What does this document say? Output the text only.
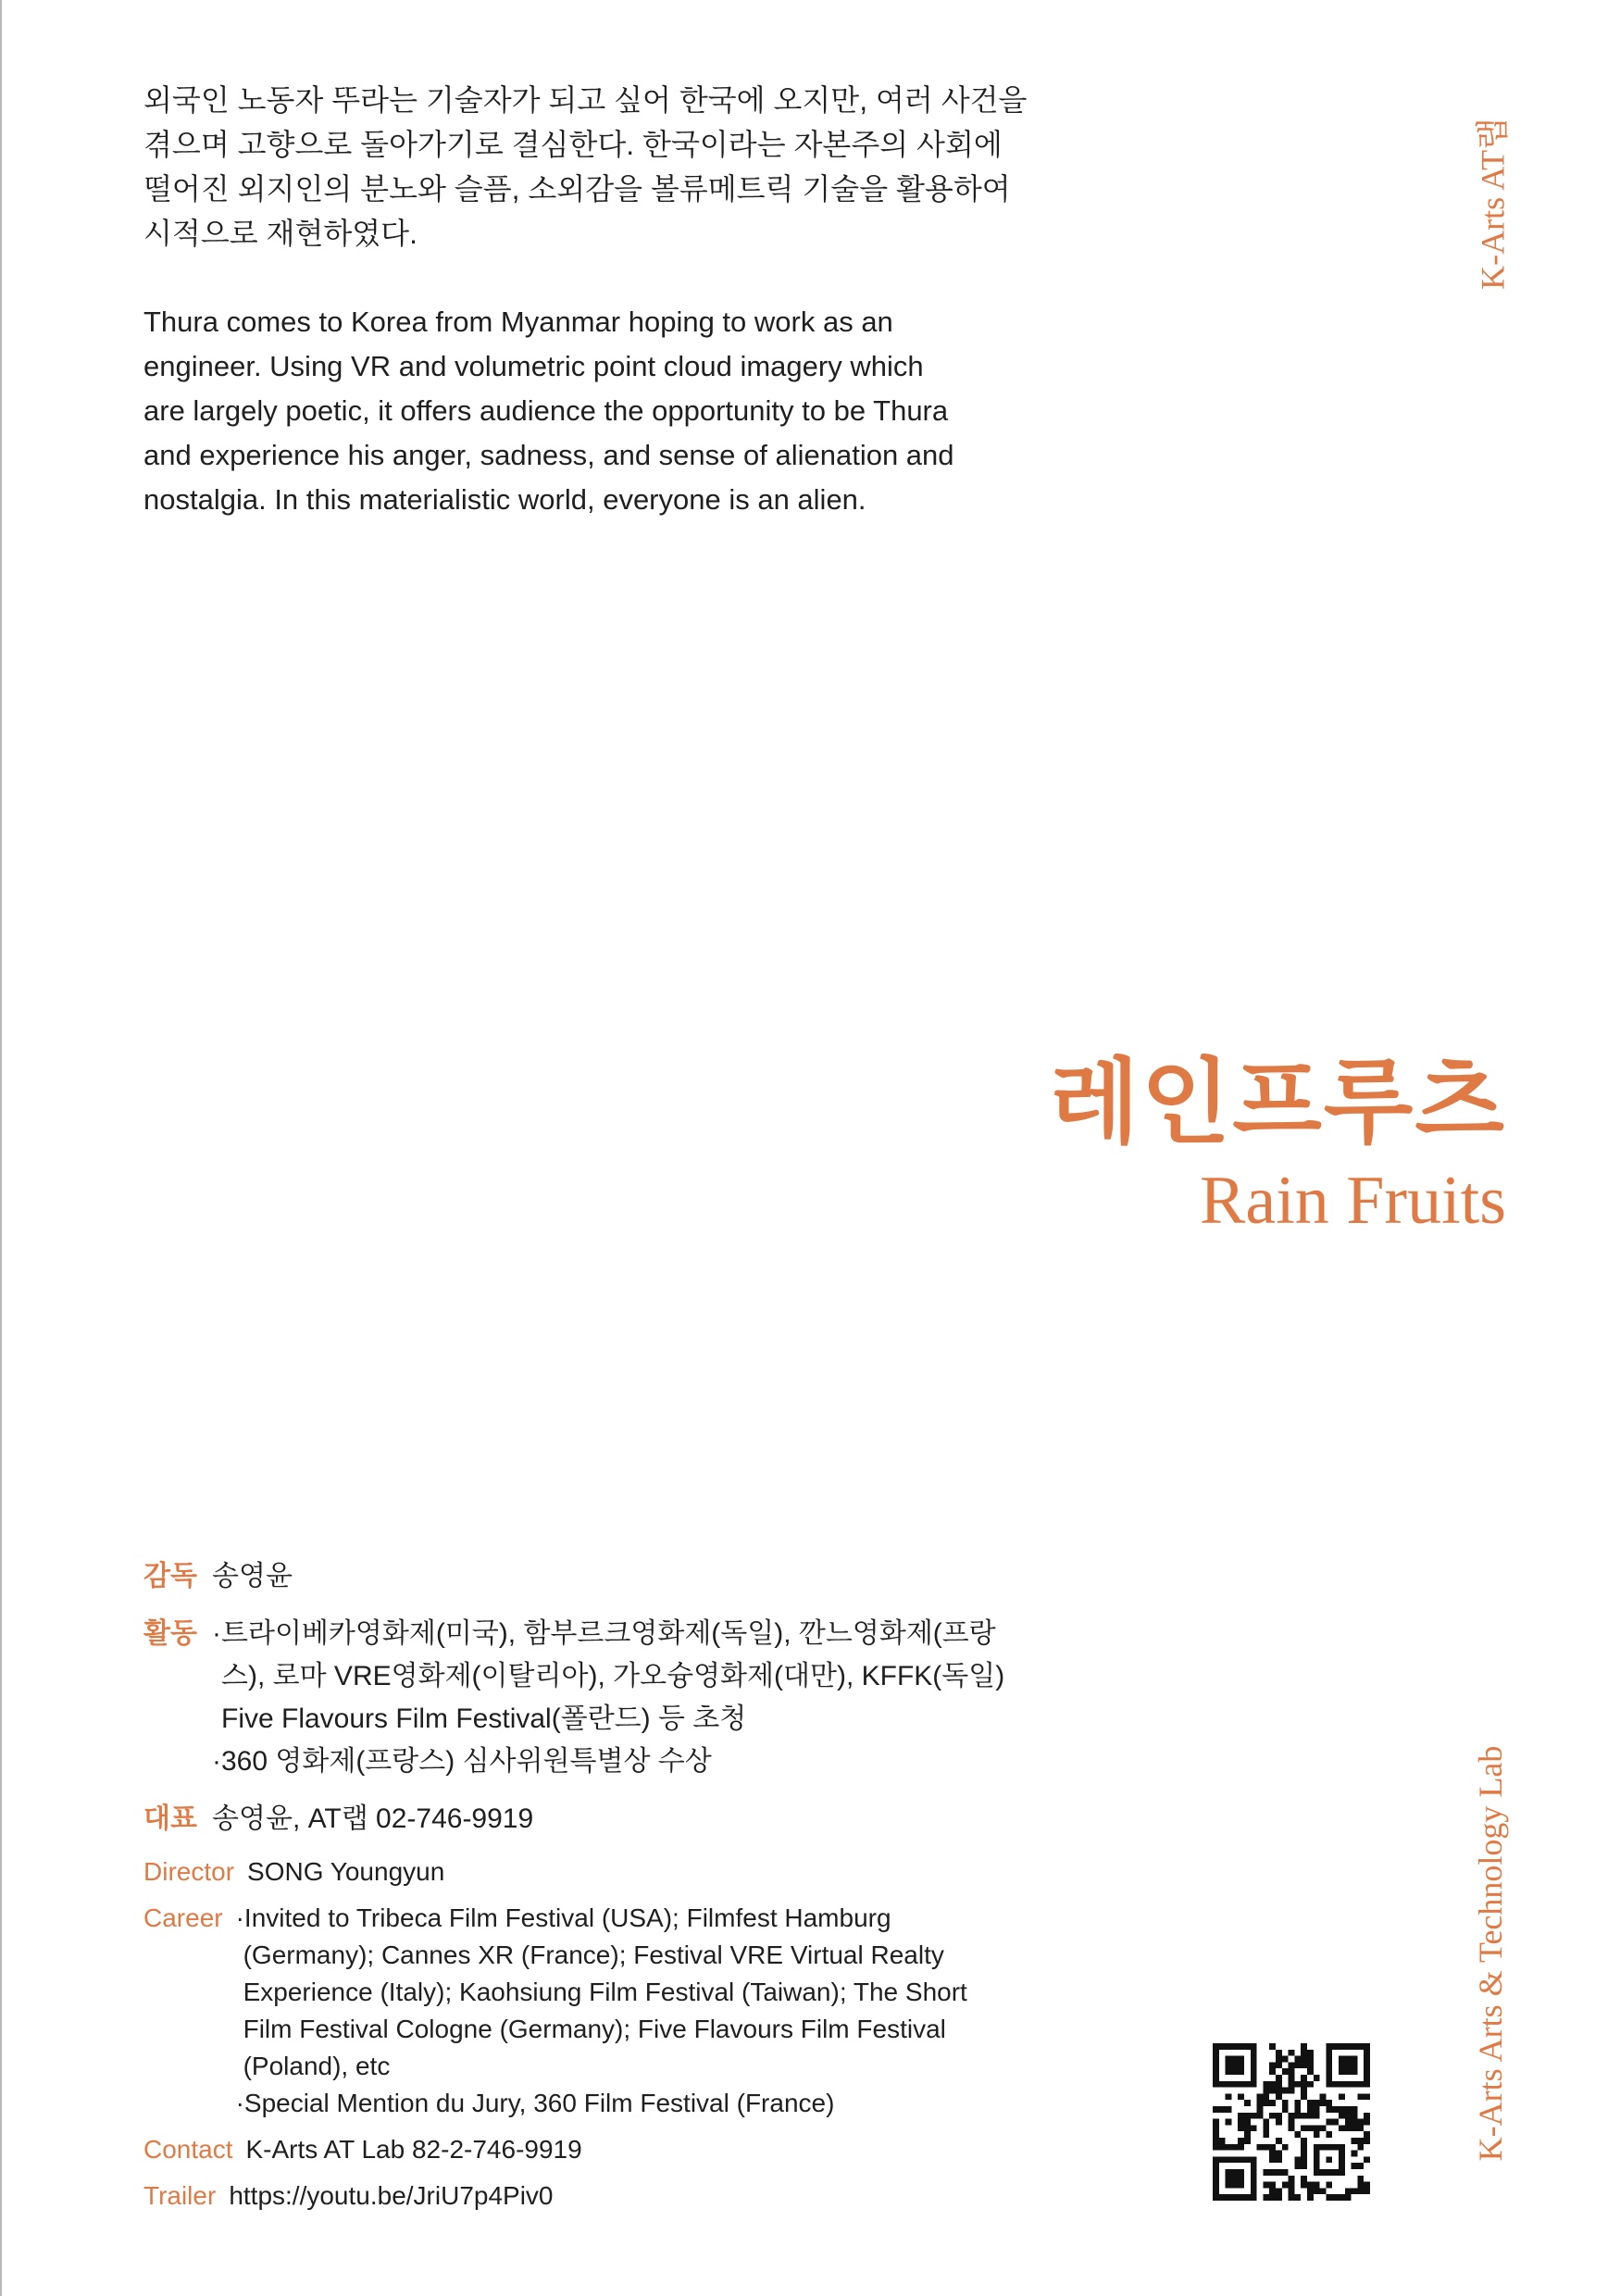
외국인 노동자 뚜라는 기술자가 되고 싶어 한국에 오지만, 여러 사건을
겪으며 고향으로 돌아가기로 결심한다. 한국이라는 자본주의 사회에
떨어진 외지인의 분노와 슬픔, 소외감을 볼류메트릭 기술을 활용하여
시적으로 재현하였다.
Thura comes to Korea from Myanmar hoping to work as an
engineer. Using VR and volumetric point cloud imagery which
are largely poetic, it offers audience the opportunity to be Thura
and experience his anger, sadness, and sense of alienation and
nostalgia. In this materialistic world, everyone is an alien.
K-Arts AT랩
K-Arts Arts & Technology Lab
레인프루츠
Rain Fruits
감독 송영윤
활동 ·트라이베카영화제(미국), 함부르크영화제(독일), 깐느영화제(프랑스), 로마 VRE영화제(이탈리아), 가오슝영화제(대만), KFFK(독일) Five Flavours Film Festival(폴란드) 등 초청
·360 영화제(프랑스) 심사위원특별상 수상
대표 송영윤, AT랩 02-746-9919
Director SONG Youngyun
Career ·Invited to Tribeca Film Festival (USA); Filmfest Hamburg (Germany); Cannes XR (France); Festival VRE Virtual Realty Experience (Italy); Kaohsiung Film Festival (Taiwan); The Short Film Festival Cologne (Germany); Five Flavours Film Festival (Poland), etc
·Special Mention du Jury, 360 Film Festival (France)
Contact K-Arts AT Lab 82-2-746-9919
Trailer https://youtu.be/JriU7p4Piv0
